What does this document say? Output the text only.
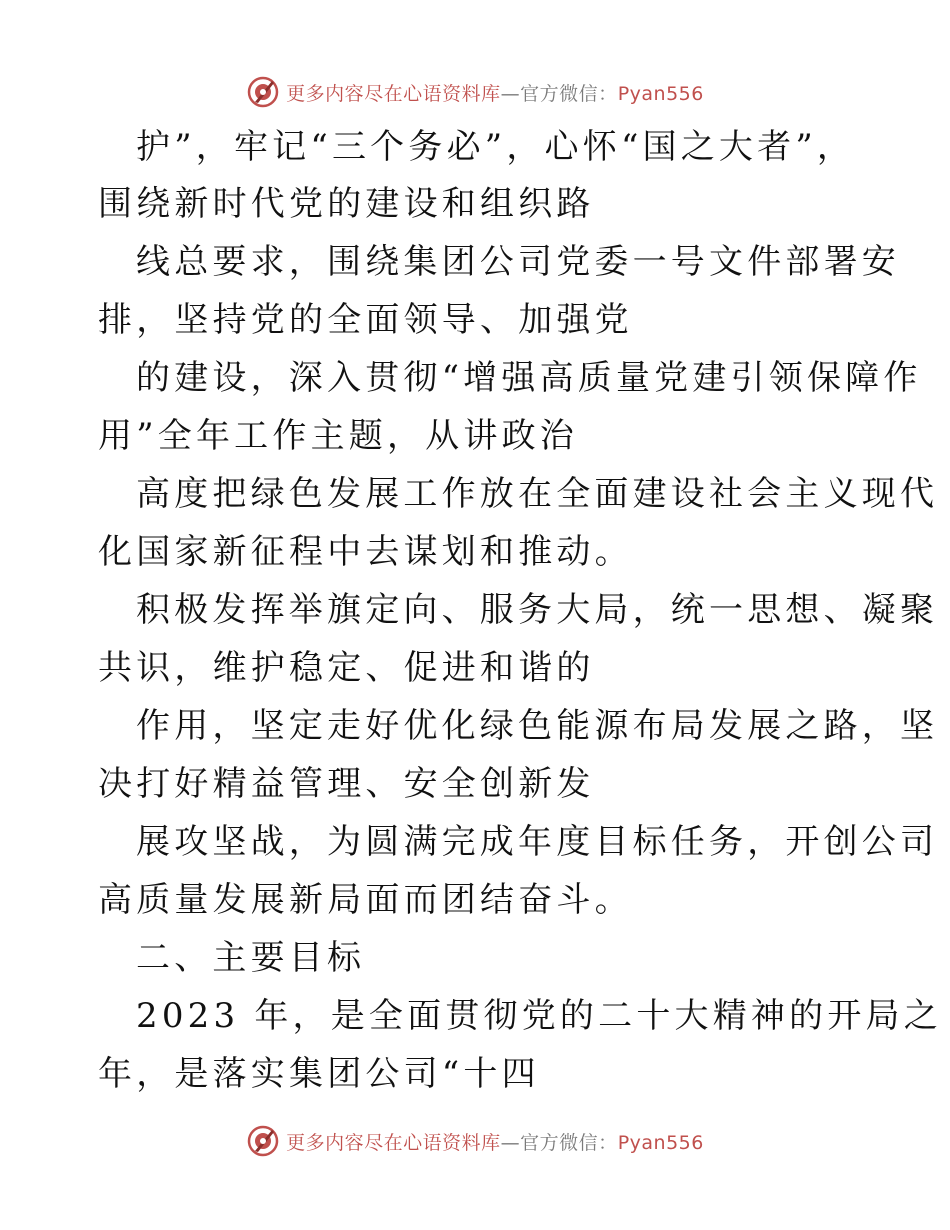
更多内容尽在心语资料库—官方微信：Pyan556
护”，牢记“三个务必”，心怀“国之大者”，
围绕新时代党的建设和组织路
线总要求，围绕集团公司党委一号文件部署安
排，坚持党的全面领导、加强党
的建设，深入贯彻“增强高质量党建引领保障作
用”全年工作主题，从讲政治
高度把绿色发展工作放在全面建设社会主义现代
化国家新征程中去谋划和推动。
积极发挥举旗定向、服务大局，统一思想、凝聚
共识，维护稳定、促进和谐的
作用，坚定走好优化绿色能源布局发展之路，坚
决打好精益管理、安全创新发
展攻坚战，为圆满完成年度目标任务，开创公司
高质量发展新局面而团结奋斗。
二、主要目标
2023 年，是全面贯彻党的二十大精神的开局之
年，是落实集团公司“十四
更多内容尽在心语资料库—官方微信：Pyan556
